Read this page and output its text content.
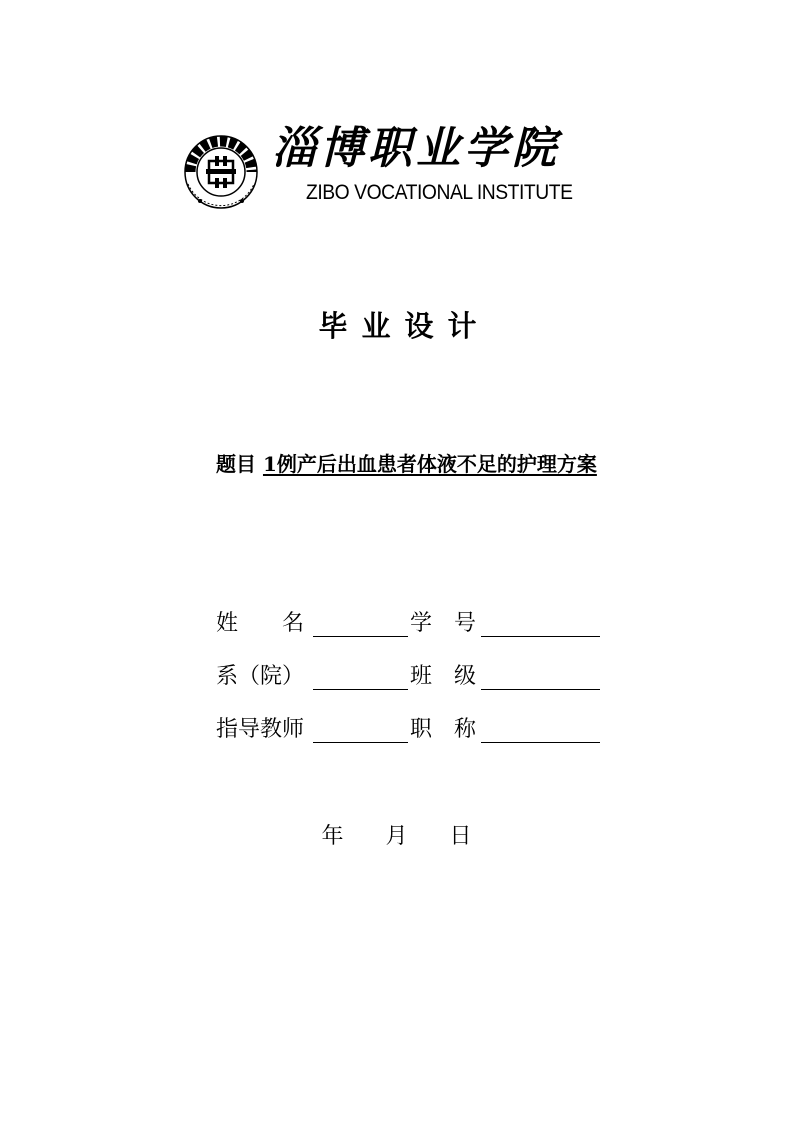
淄博职业学院
ZIBO VOCATIONAL INSTITUTE
毕业设计
题目 1例产后出血患者体液不足的护理方案
姓　　名	学　号
系（院）	班　级
指导教师	职　称
年 月 日
